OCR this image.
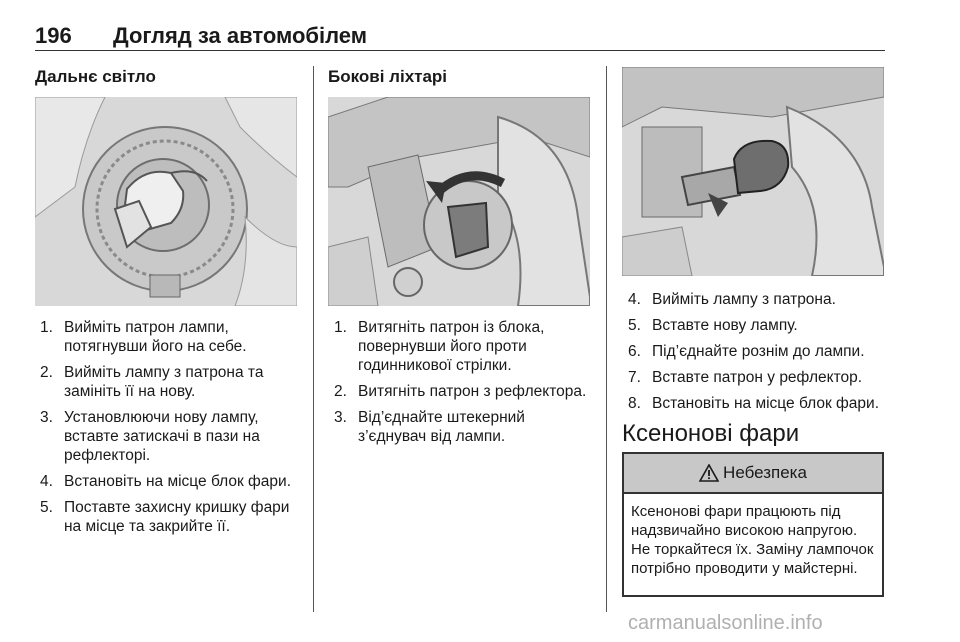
196 Догляд за автомобілем
Дальнє світло
1. Вийміть патрон лампи, потягнувши його на себе.
2. Вийміть лампу з патрона та замініть її на нову.
3. Установлюючи нову лампу, вставте затискачі в пази на рефлекторі.
4. Встановіть на місце блок фари.
5. Поставте захисну кришку фари на місце та закрийте її.
Бокові ліхтарі
1. Витягніть патрон із блока, повернувши його проти годинникової стрілки.
2. Витягніть патрон з рефлектора.
3. Від’єднайте штекерний з’єднувач від лампи.
4. Вийміть лампу з патрона.
5. Вставте нову лампу.
6. Під’єднайте рознім до лампи.
7. Вставте патрон у рефлектор.
8. Встановіть на місце блок фари.
Ксенонові фари
Небезпека
Ксенонові фари працюють під надзвичайно високою напругою. Не торкайтеся їх. Заміну лампочок потрібно проводити у майстерні.
carmanualsonline.info
